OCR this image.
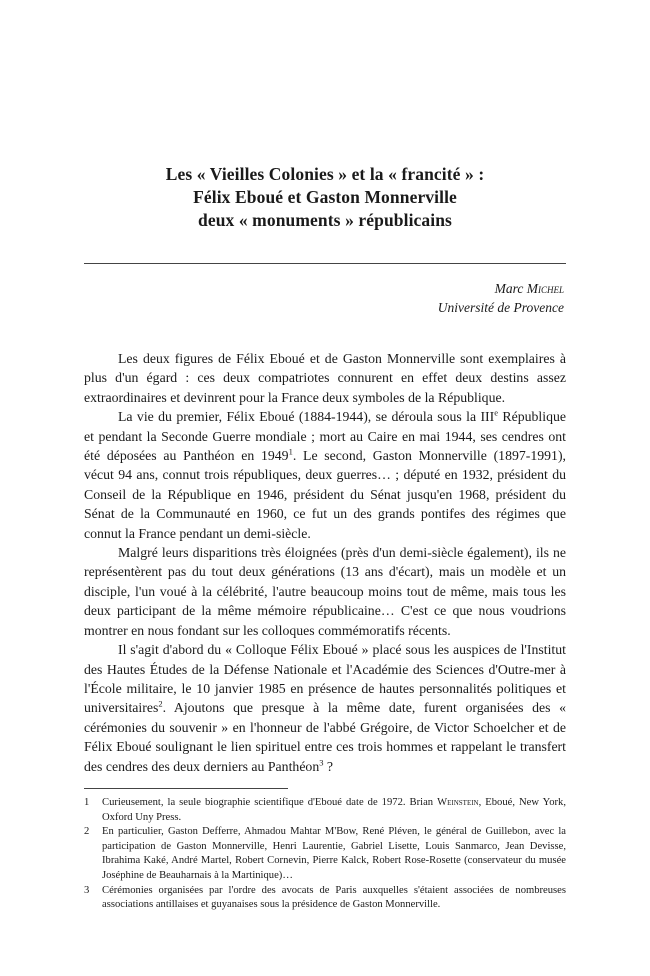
Les « Vieilles Colonies » et la « francité » :
Félix Eboué et Gaston Monnerville
deux « monuments » républicains
Marc Michel
Université de Provence

Les deux figures de Félix Eboué et de Gaston Monnerville sont exemplaires à plus d'un égard : ces deux compatriotes connurent en effet deux destins assez extraordinaires et devinrent pour la France deux symboles de la République.

La vie du premier, Félix Eboué (1884-1944), se déroula sous la IIIe République et pendant la Seconde Guerre mondiale ; mort au Caire en mai 1944, ses cendres ont été déposées au Panthéon en 1949$^1$. Le second, Gaston Monnerville (1897-1991), vécut 94 ans, connut trois républiques, deux guerres… ; député en 1932, président du Conseil de la République en 1946, président du Sénat jusqu'en 1968, président du Sénat de la Communauté en 1960, ce fut un des grands pontifes des régimes que connut la France pendant un demi-siècle.

Malgré leurs disparitions très éloignées (près d'un demi-siècle également), ils ne représentèrent pas du tout deux générations (13 ans d'écart), mais un modèle et un disciple, l'un voué à la célébrité, l'autre beaucoup moins tout de même, mais tous les deux participant de la même mémoire républicaine… C'est ce que nous voudrions montrer en nous fondant sur les colloques commémoratifs récents.

Il s'agit d'abord du « Colloque Félix Eboué » placé sous les auspices de l'Institut des Hautes Études de la Défense Nationale et l'Académie des Sciences d'Outre-mer à l'École militaire, le 10 janvier 1985 en présence de hautes personnalités politiques et universitaires$^2$. Ajoutons que presque à la même date, furent organisées des « cérémonies du souvenir » en l'honneur de l'abbé Grégoire, de Victor Schoelcher et de Félix Eboué soulignant le lien spirituel entre ces trois hommes et rappelant le transfert des cendres des deux derniers au Panthéon$^3$ ?

1 Curieusement, la seule biographie scientifique d'Eboué date de 1972. Brian Weinstein, Eboué, New York, Oxford Uny Press.
2 En particulier, Gaston Defferre, Ahmadou Mahtar M'Bow, René Pléven, le général de Guillebon, avec la participation de Gaston Monnerville, Henri Laurentie, Gabriel Lisette, Louis Sanmarco, Jean Devisse, Ibrahima Kaké, André Martel, Robert Cornevin, Pierre Kalck, Robert Rose-Rosette (conservateur du musée Joséphine de Beauharnais à la Martinique)…
3 Cérémonies organisées par l'ordre des avocats de Paris auxquelles s'étaient associées de nombreuses associations antillaises et guyanaises sous la présidence de Gaston Monnerville.
